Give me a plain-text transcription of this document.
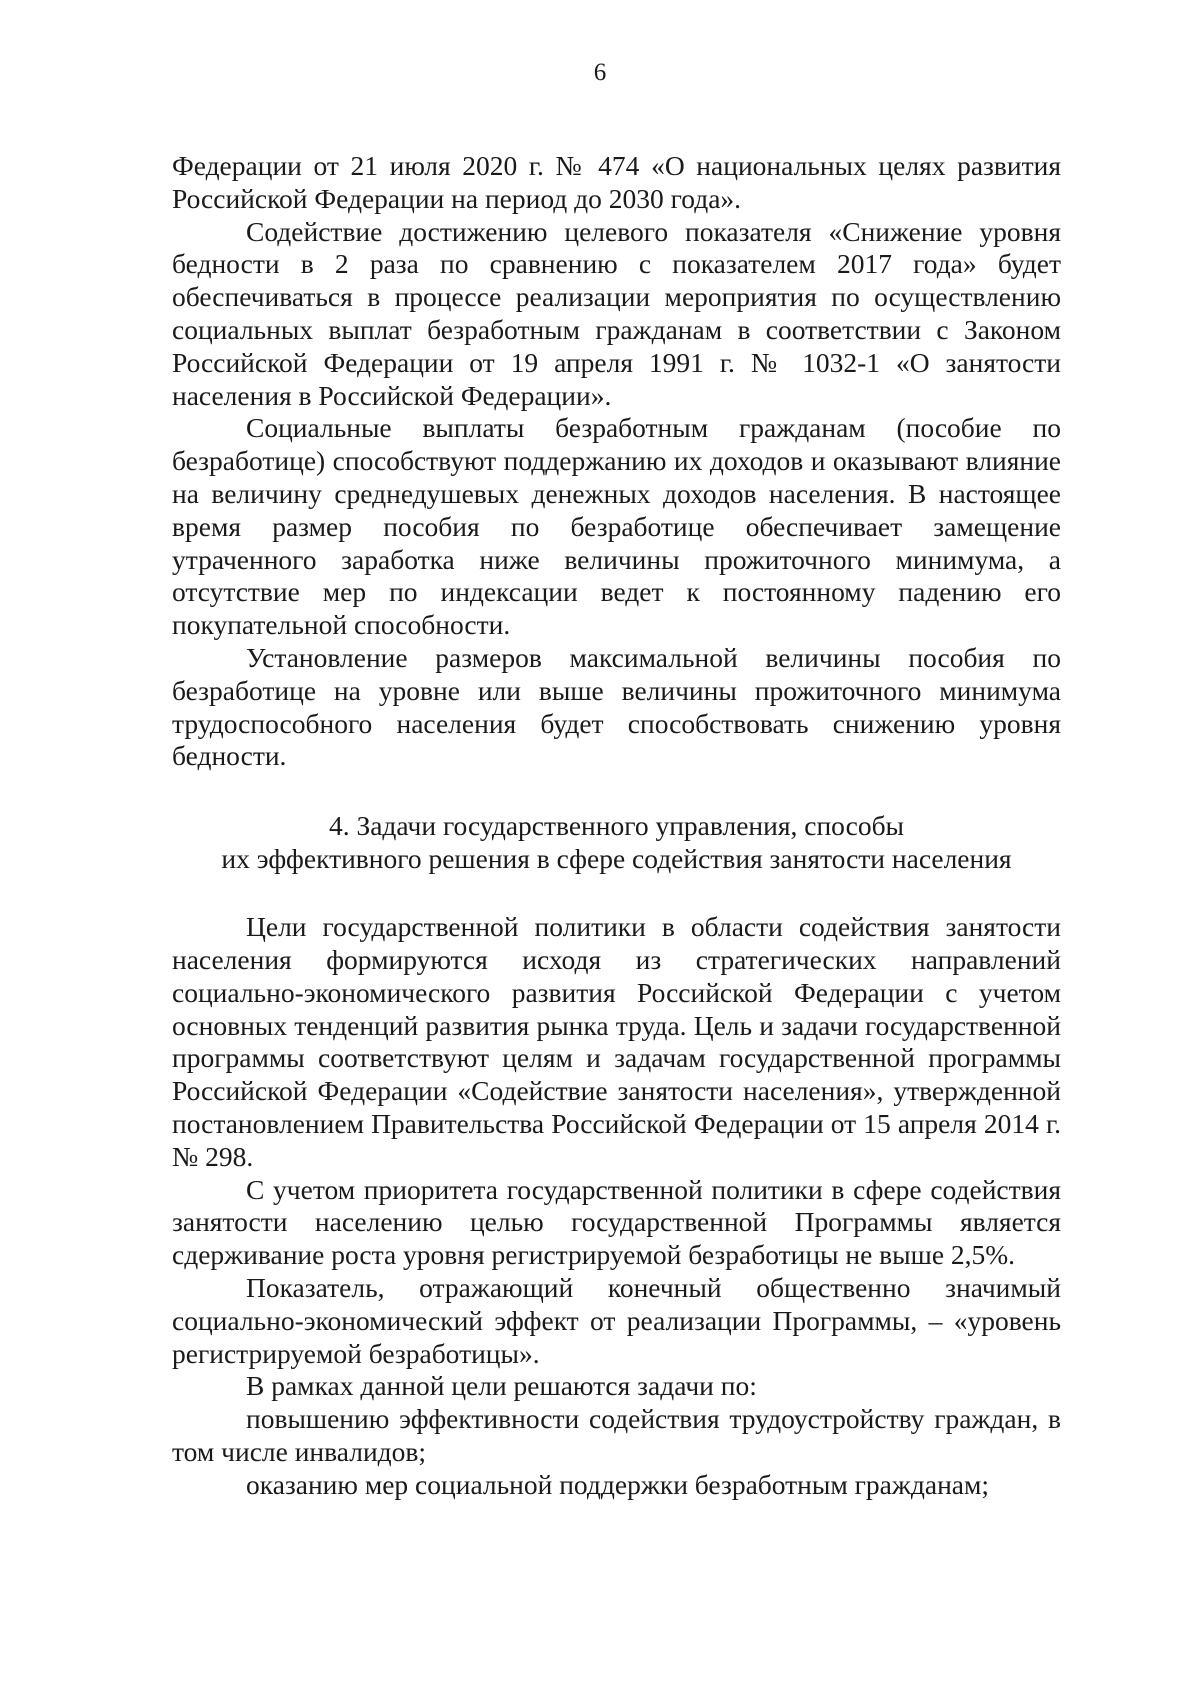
6

Федерации от 21 июля 2020 г. № 474 «О национальных целях развития Российской Федерации на период до 2030 года».

Содействие достижению целевого показателя «Снижение уровня бедности в 2 раза по сравнению с показателем 2017 года» будет обеспечиваться в процессе реализации мероприятия по осуществлению социальных выплат безработным гражданам в соответствии с Законом Российской Федерации от 19 апреля 1991 г. № 1032-1 «О занятости населения в Российской Федерации».

Социальные выплаты безработным гражданам (пособие по безработице) способствуют поддержанию их доходов и оказывают влияние на величину среднедушевых денежных доходов населения. В настоящее время размер пособия по безработице обеспечивает замещение утраченного заработка ниже величины прожиточного минимума, а отсутствие мер по индексации ведет к постоянному падению его покупательной способности.

Установление размеров максимальной величины пособия по безработице на уровне или выше величины прожиточного минимума трудоспособного населения будет способствовать снижению уровня бедности.

4. Задачи государственного управления, способы
их эффективного решения в сфере содействия занятости населения

Цели государственной политики в области содействия занятости населения формируются исходя из стратегических направлений социально-экономического развития Российской Федерации с учетом основных тенденций развития рынка труда. Цель и задачи государственной программы соответствуют целям и задачам государственной программы Российской Федерации «Содействие занятости населения», утвержденной постановлением Правительства Российской Федерации от 15 апреля 2014 г. № 298.

С учетом приоритета государственной политики в сфере содействия занятости населению целью государственной Программы является сдерживание роста уровня регистрируемой безработицы не выше 2,5%.

Показатель, отражающий конечный общественно значимый социально-экономический эффект от реализации Программы, – «уровень регистрируемой безработицы».

В рамках данной цели решаются задачи по:

повышению эффективности содействия трудоустройству граждан, в том числе инвалидов;

оказанию мер социальной поддержки безработным гражданам;
